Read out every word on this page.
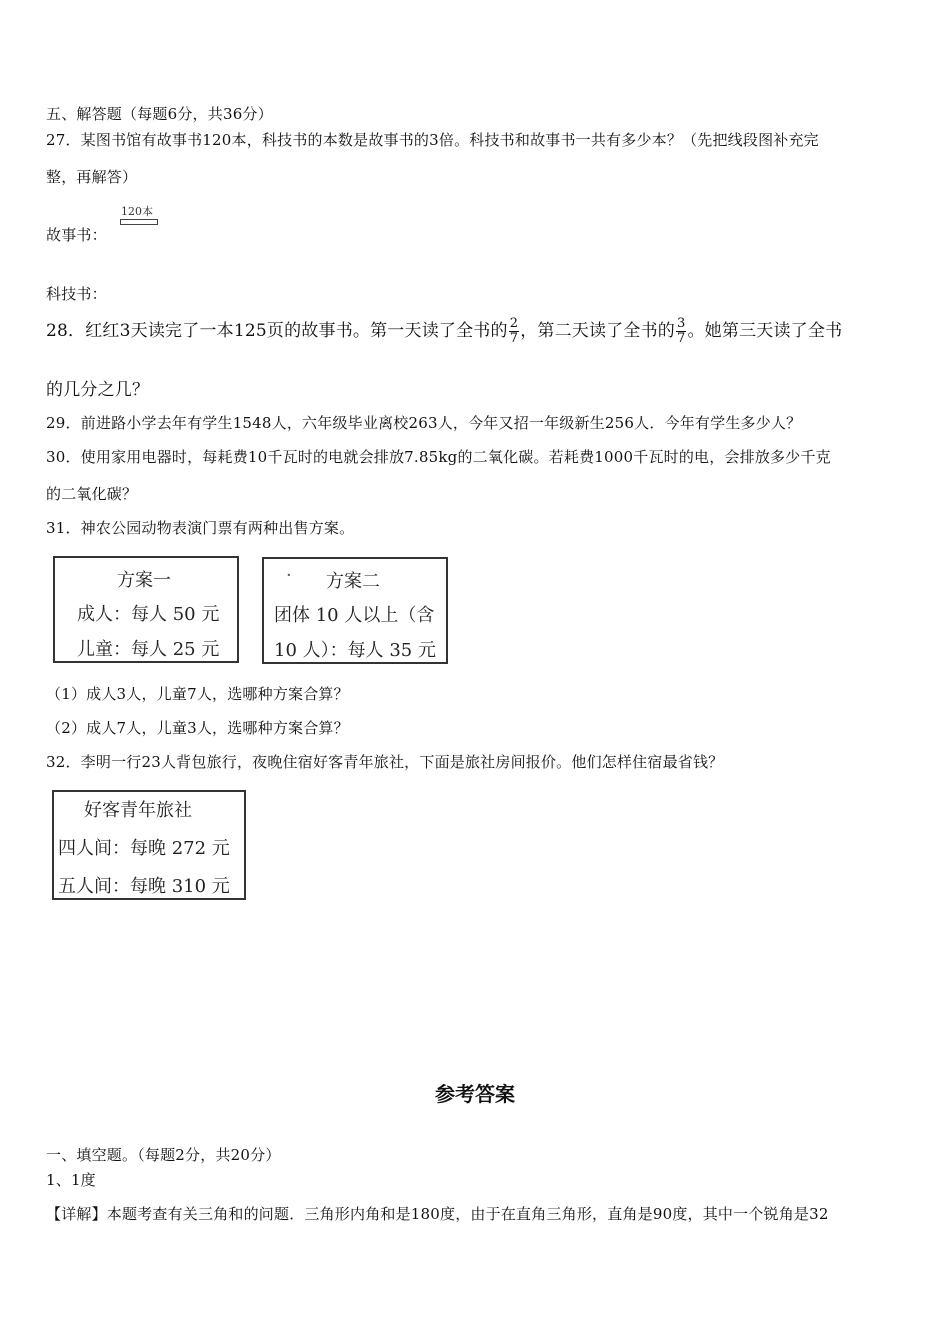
五、解答题（每题6分，共36分）
27．某图书馆有故事书120本，科技书的本数是故事书的3倍。科技书和故事书一共有多少本？（先把线段图补充完
整，再解答）
故事书：
120本
科技书：
28．红红3天读完了一本125页的故事书。第一天读了全书的 $\frac{2}{7}$ ，第二天读了全书的 $\frac{3}{7}$ 。她第三天读了全书
的几分之几？
29．前进路小学去年有学生1548人，六年级毕业离校263人，今年又招一年级新生256人．今年有学生多少人？
30．使用家用电器时，每耗费10千瓦时的电就会排放7.85kg的二氧化碳。若耗费1000千瓦时的电，会排放多少千克
的二氧化碳？
31．神农公园动物表演门票有两种出售方案。
方案一
成人：每人 50 元
儿童：每人 25 元
· 方案二
团体 10 人以上（含
10 人）：每人 35 元
（1）成人3人，儿童7人，选哪种方案合算？
（2）成人7人，儿童3人，选哪种方案合算？
32．李明一行23人背包旅行，夜晚住宿好客青年旅社，下面是旅社房间报价。他们怎样住宿最省钱？
好客青年旅社
四人间：每晚 272 元
五人间：每晚 310 元
参考答案
一、填空题。（每题2分，共20分）
1、1度
【详解】本题考查有关三角和的问题．三角形内角和是180度，由于在直角三角形，直角是90度，其中一个锐角是32
